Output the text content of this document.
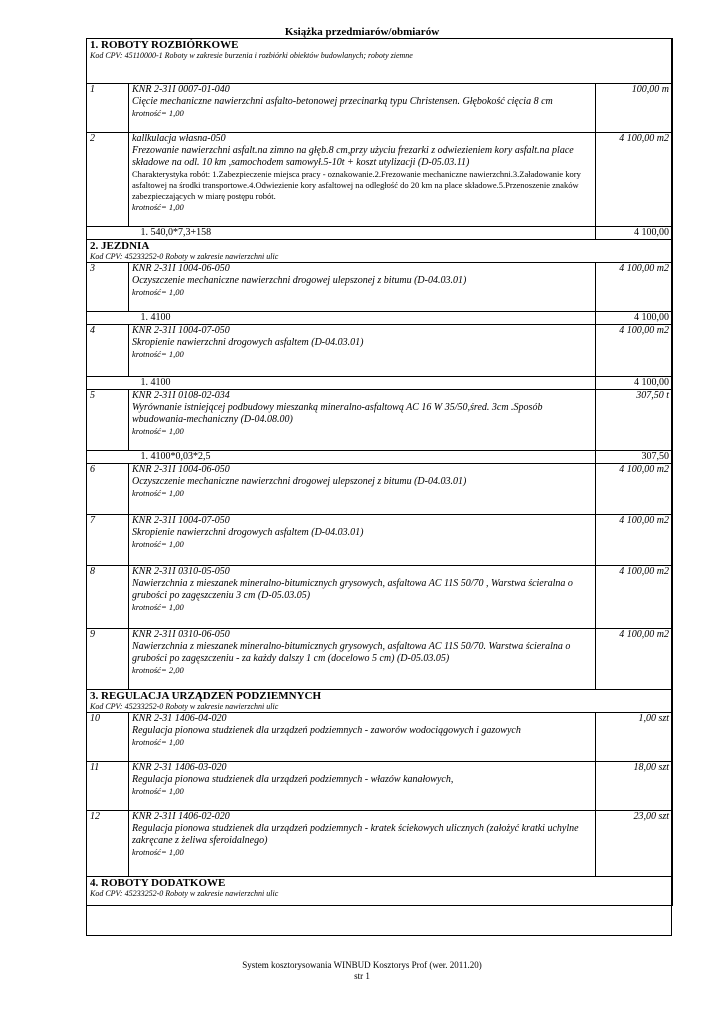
Książka przedmiarów/obmiarów
1. ROBOTY ROZBIÓRKOWE
Kod CPV: 45110000-1 Roboty w zakresie burzenia i rozbiórki obiektów budowlanych; roboty ziemne		

1	KNR 2-31I 0007-01-040
Cięcie mechaniczne nawierzchni asfalto-betonowej przecinarką typu Christensen. Głębokość cięcia 8 cm
krotność= 1,00	100,00 m
2	kallkulacja własna-050
Frezowanie nawierzchni asfalt.na zimno na głęb.8 cm,przy użyciu frezarki z odwiezieniem kory asfalt.na place składowe na odl. 10 km ,samochodem samowył.5-10t + koszt utylizacji (D-05.03.11)
Charakterystyka robót: 1.Zabezpieczenie miejsca pracy - oznakowanie.2.Frezowanie mechaniczne nawierzchni.3.Załadowanie kory asfaltowej na środki transportowe.4.Odwiezienie kory asfaltowej na odległość do 20 km na place składowe.5.Przenoszenie znaków zabezpieczających w miarę postępu robót.
krotność= 1,00	4 100,00 m2
	1. 540,0*7,3+158	4 100,00

2. JEZDNIA
Kod CPV: 45233252-0 Roboty w zakresie nawierzchni ulic		

3	KNR 2-31I 1004-06-050
Oczyszczenie mechaniczne nawierzchni drogowej ulepszonej z bitumu (D-04.03.01)
krotność= 1,00	4 100,00 m2
	1. 4100	4 100,00
4	KNR 2-31I 1004-07-050
Skropienie nawierzchni drogowych asfaltem (D-04.03.01)
krotność= 1,00	4 100,00 m2
	1. 4100	4 100,00
5	KNR 2-31I 0108-02-034
Wyrównanie istniejącej podbudowy mieszanką mineralno-asfaltową AC 16 W 35/50,śred. 3cm .Sposób wbudowania-mechaniczny (D-04.08.00)
krotność= 1,00	307,50 t
	1. 4100*0,03*2,5	307,50
6	KNR 2-31I 1004-06-050
Oczyszczenie mechaniczne nawierzchni drogowej ulepszonej z bitumu (D-04.03.01)
krotność= 1,00	4 100,00 m2
7	KNR 2-31I 1004-07-050
Skropienie nawierzchni drogowych asfaltem (D-04.03.01)
krotność= 1,00	4 100,00 m2
8	KNR 2-31I 0310-05-050
Nawierzchnia z mieszanek mineralno-bitumicznych grysowych, asfaltowa AC 11S 50/70 , Warstwa ścieralna o grubości po zagęszczeniu 3 cm (D-05.03.05)
krotność= 1,00	4 100,00 m2
9	KNR 2-31I 0310-06-050
Nawierzchnia z mieszanek mineralno-bitumicznych grysowych, asfaltowa AC 11S 50/70. Warstwa ścieralna o grubości po zagęszczeniu - za każdy dalszy 1 cm (docelowo 5 cm) (D-05.03.05)
krotność= 2,00	4 100,00 m2

3. REGULACJA URZĄDZEŃ PODZIEMNYCH
Kod CPV: 45233252-0 Roboty w zakresie nawierzchni ulic		

10	KNR 2-31 1406-04-020
Regulacja pionowa studzienek dla urządzeń podziemnych - zaworów wodociągowych i gazowych
krotność= 1,00	1,00 szt
11	KNR 2-31 1406-03-020
Regulacja pionowa studzienek dla urządzeń podziemnych - włazów kanałowych,
krotność= 1,00	18,00 szt
12	KNR 2-31I 1406-02-020
Regulacja pionowa studzienek dla urządzeń podziemnych - kratek ściekowych ulicznych (założyć kratki uchylne zakręcane z żeliwa sferoidalnego)
krotność= 1,00	23,00 szt

4. ROBOTY DODATKOWE
Kod CPV: 45233252-0 Roboty w zakresie nawierzchni ulic		
System kosztorysowania WINBUD Kosztorys Prof (wer. 2011.20)
str 1
